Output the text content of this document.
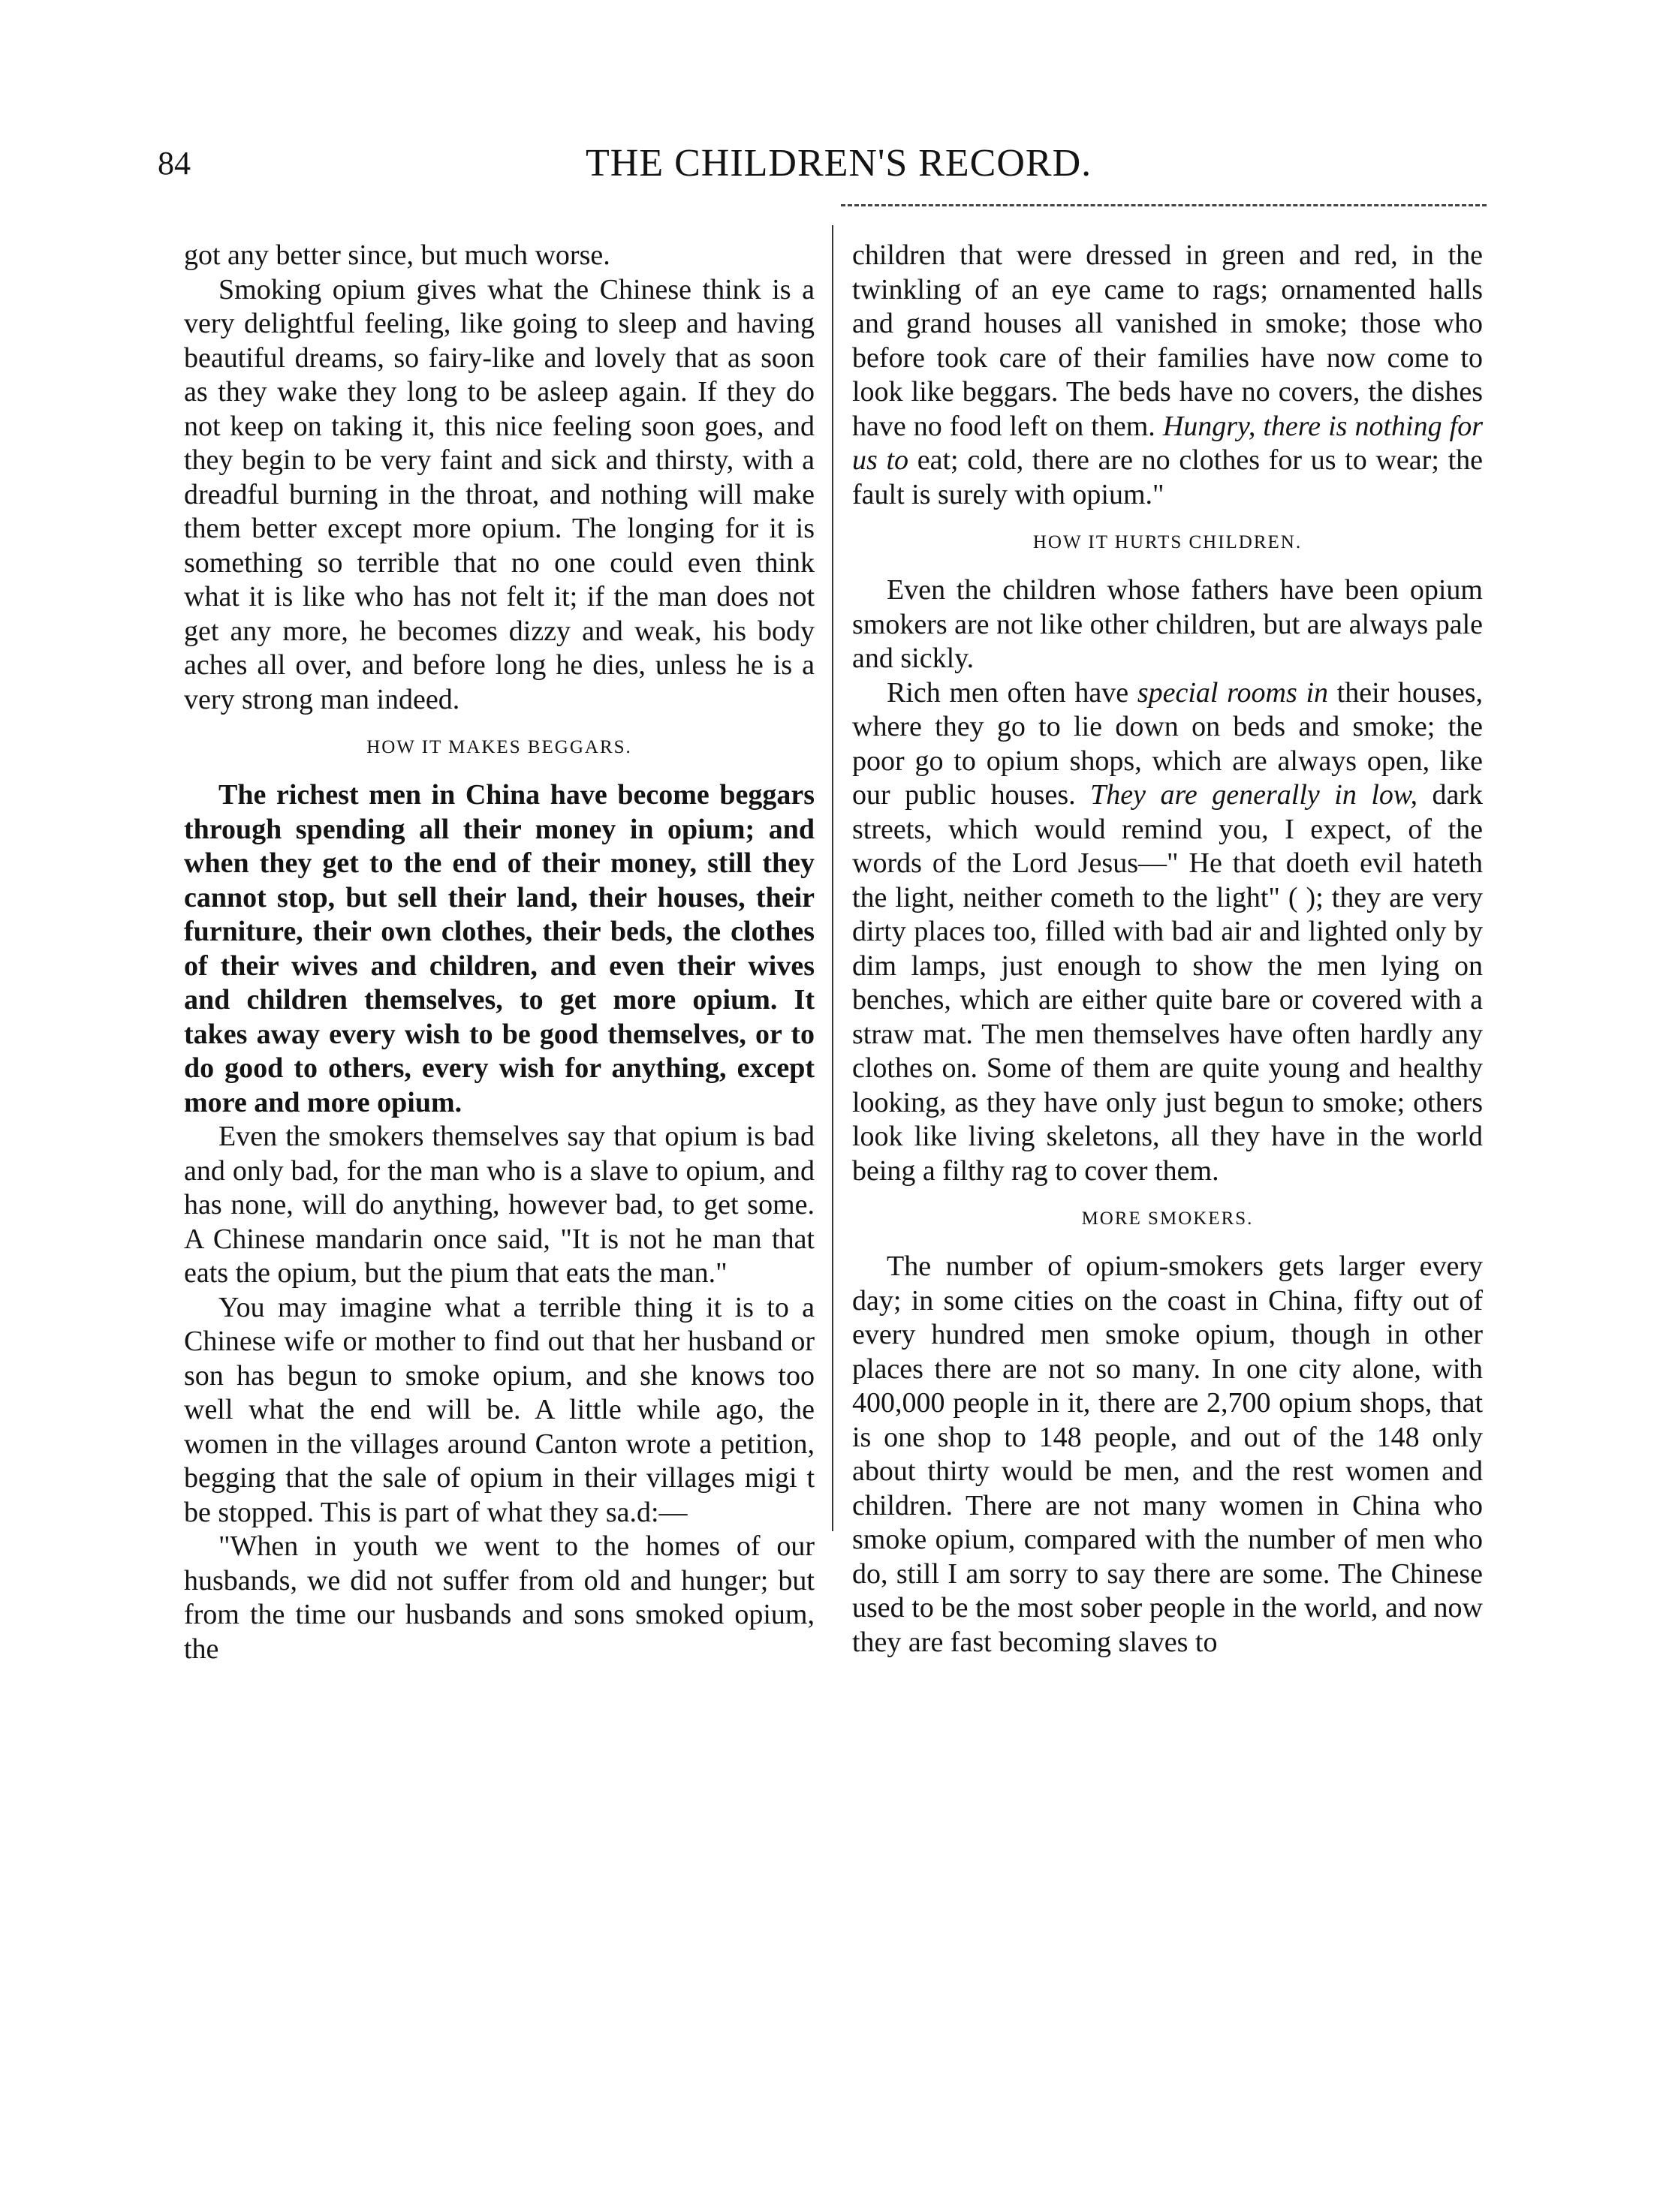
84	THE CHILDREN'S RECORD.

got any better since, but much worse.

Smoking opium gives what the Chinese think is a very delightful feeling, like going to sleep and having beautiful dreams, so fairy-like and lovely that as soon as they wake they long to be asleep again. If they do not keep on taking it, this nice feeling soon goes, and they begin to be very faint and sick and thirsty, with a dreadful burning in the throat, and nothing will make them better except more opium. The longing for it is something so terrible that no one could even think what it is like who has not felt it; if the man does not get any more, he becomes dizzy and weak, his body aches all over, and before long he dies, unless he is a very strong man indeed.

HOW IT MAKES BEGGARS.

The richest men in China have become beggars through spending all their money in opium; and when they get to the end of their money, still they cannot stop, but sell their land, their houses, their furniture, their own clothes, their beds, the clothes of their wives and children, and even their wives and children themselves, to get more opium. It takes away every wish to be good themselves, or to do good to others, every wish for anything, except more and more opium.

Even the smokers themselves say that opium is bad and only bad, for the man who is a slave to opium, and has none, will do anything, however bad, to get some. A Chinese mandarin once said, "It is not he man that eats the opium, but the pium that eats the man."

You may imagine what a terrible thing it is to a Chinese wife or mother to find out that her husband or son has begun to smoke opium, and she knows too well what the end will be. A little while ago, the women in the villages around Canton wrote a petition, begging that the sale of opium in their villages migi t be stopped. This is part of what they sa.d:—

"When in youth we went to the homes of our husbands, we did not suffer from old and hunger; but from the time our husbands and sons smoked opium, the

children that were dressed in green and red, in the twinkling of an eye came to rags; ornamented halls and grand houses all vanished in smoke; those who before took care of their families have now come to look like beggars. The beds have no covers, the dishes have no food left on them. Hungry, there is nothing for us to eat; cold, there are no clothes for us to wear; the fault is surely with opium."

HOW IT HURTS CHILDREN.

Even the children whose fathers have been opium smokers are not like other children, but are always pale and sickly.

Rich men often have special rooms in their houses, where they go to lie down on beds and smoke; the poor go to opium shops, which are always open, like our public houses. They are generally in low, dark streets, which would remind you, I expect, of the words of the Lord Jesus—" He that doeth evil hateth the light, neither cometh to the light" ( ); they are very dirty places too, filled with bad air and lighted only by dim lamps, just enough to show the men lying on benches, which are either quite bare or covered with a straw mat. The men themselves have often hardly any clothes on. Some of them are quite young and healthy looking, as they have only just begun to smoke; others look like living skeletons, all they have in the world being a filthy rag to cover them.

MORE SMOKERS.

The number of opium-smokers gets larger every day; in some cities on the coast in China, fifty out of every hundred men smoke opium, though in other places there are not so many. In one city alone, with 400,000 people in it, there are 2,700 opium shops, that is one shop to 148 people, and out of the 148 only about thirty would be men, and the rest women and children. There are not many women in China who smoke opium, compared with the number of men who do, still I am sorry to say there are some. The Chinese used to be the most sober people in the world, and now they are fast becoming slaves to
